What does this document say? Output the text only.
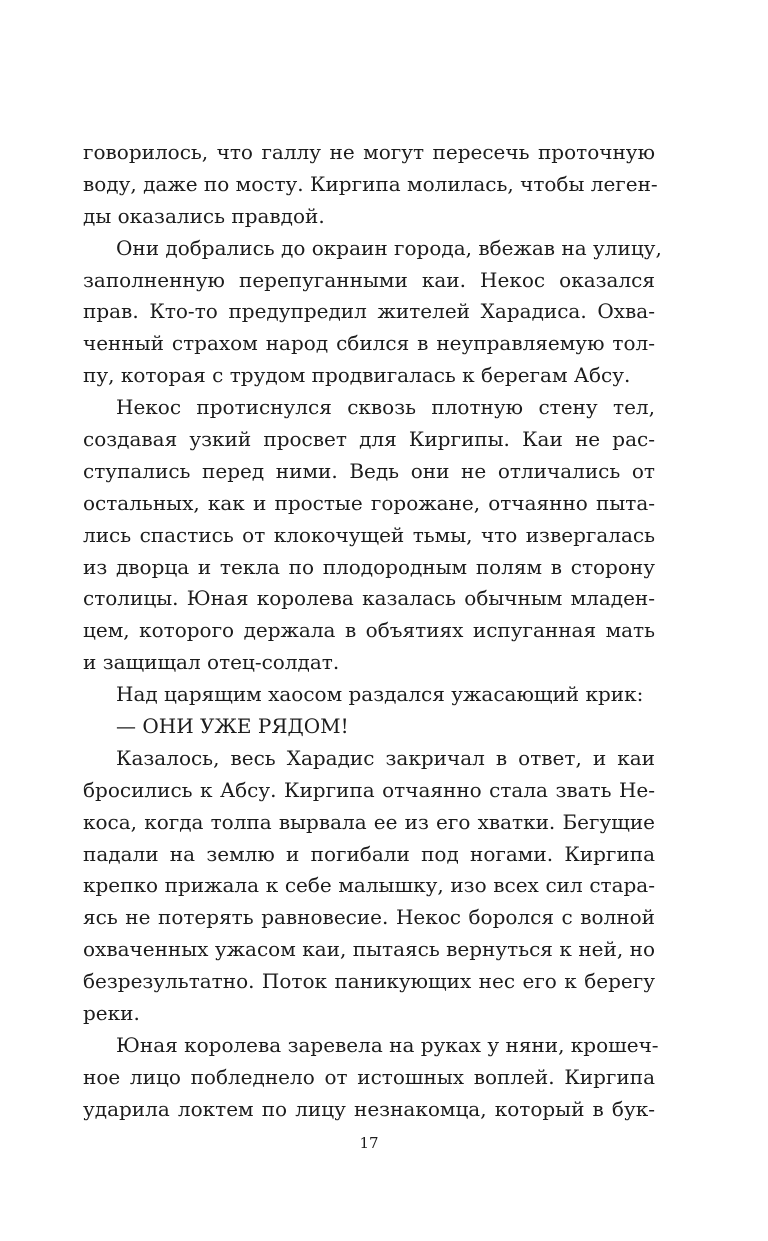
говорилось, что галлу не могут пересечь проточную
воду, даже по мосту. Киргипа молилась, чтобы леген-
ды оказались правдой.
Они добрались до окраин города, вбежав на улицу,
заполненную перепуганными каи. Некос оказался
прав. Кто-то предупредил жителей Харадиса. Охва-
ченный страхом народ сбился в неуправляемую тол-
пу, которая с трудом продвигалась к берегам Абсу.
Некос протиснулся сквозь плотную стену тел,
создавая узкий просвет для Киргипы. Каи не рас-
ступались перед ними. Ведь они не отличались от
остальных, как и простые горожане, отчаянно пыта-
лись спастись от клокочущей тьмы, что извергалась
из дворца и текла по плодородным полям в сторону
столицы. Юная королева казалась обычным младен-
цем, которого держала в объятиях испуганная мать
и защищал отец-солдат.
Над царящим хаосом раздался ужасающий крик:
— ОНИ УЖЕ РЯДОМ!
Казалось, весь Харадис закричал в ответ, и каи
бросились к Абсу. Киргипа отчаянно стала звать Не-
коса, когда толпа вырвала ее из его хватки. Бегущие
падали на землю и погибали под ногами. Киргипа
крепко прижала к себе малышку, изо всех сил стара-
ясь не потерять равновесие. Некос боролся с волной
охваченных ужасом каи, пытаясь вернуться к ней, но
безрезультатно. Поток паникующих нес его к берегу
реки.
Юная королева заревела на руках у няни, крошеч-
ное лицо побледнело от истошных воплей. Киргипа
ударила локтем по лицу незнакомца, который в бук-
17
